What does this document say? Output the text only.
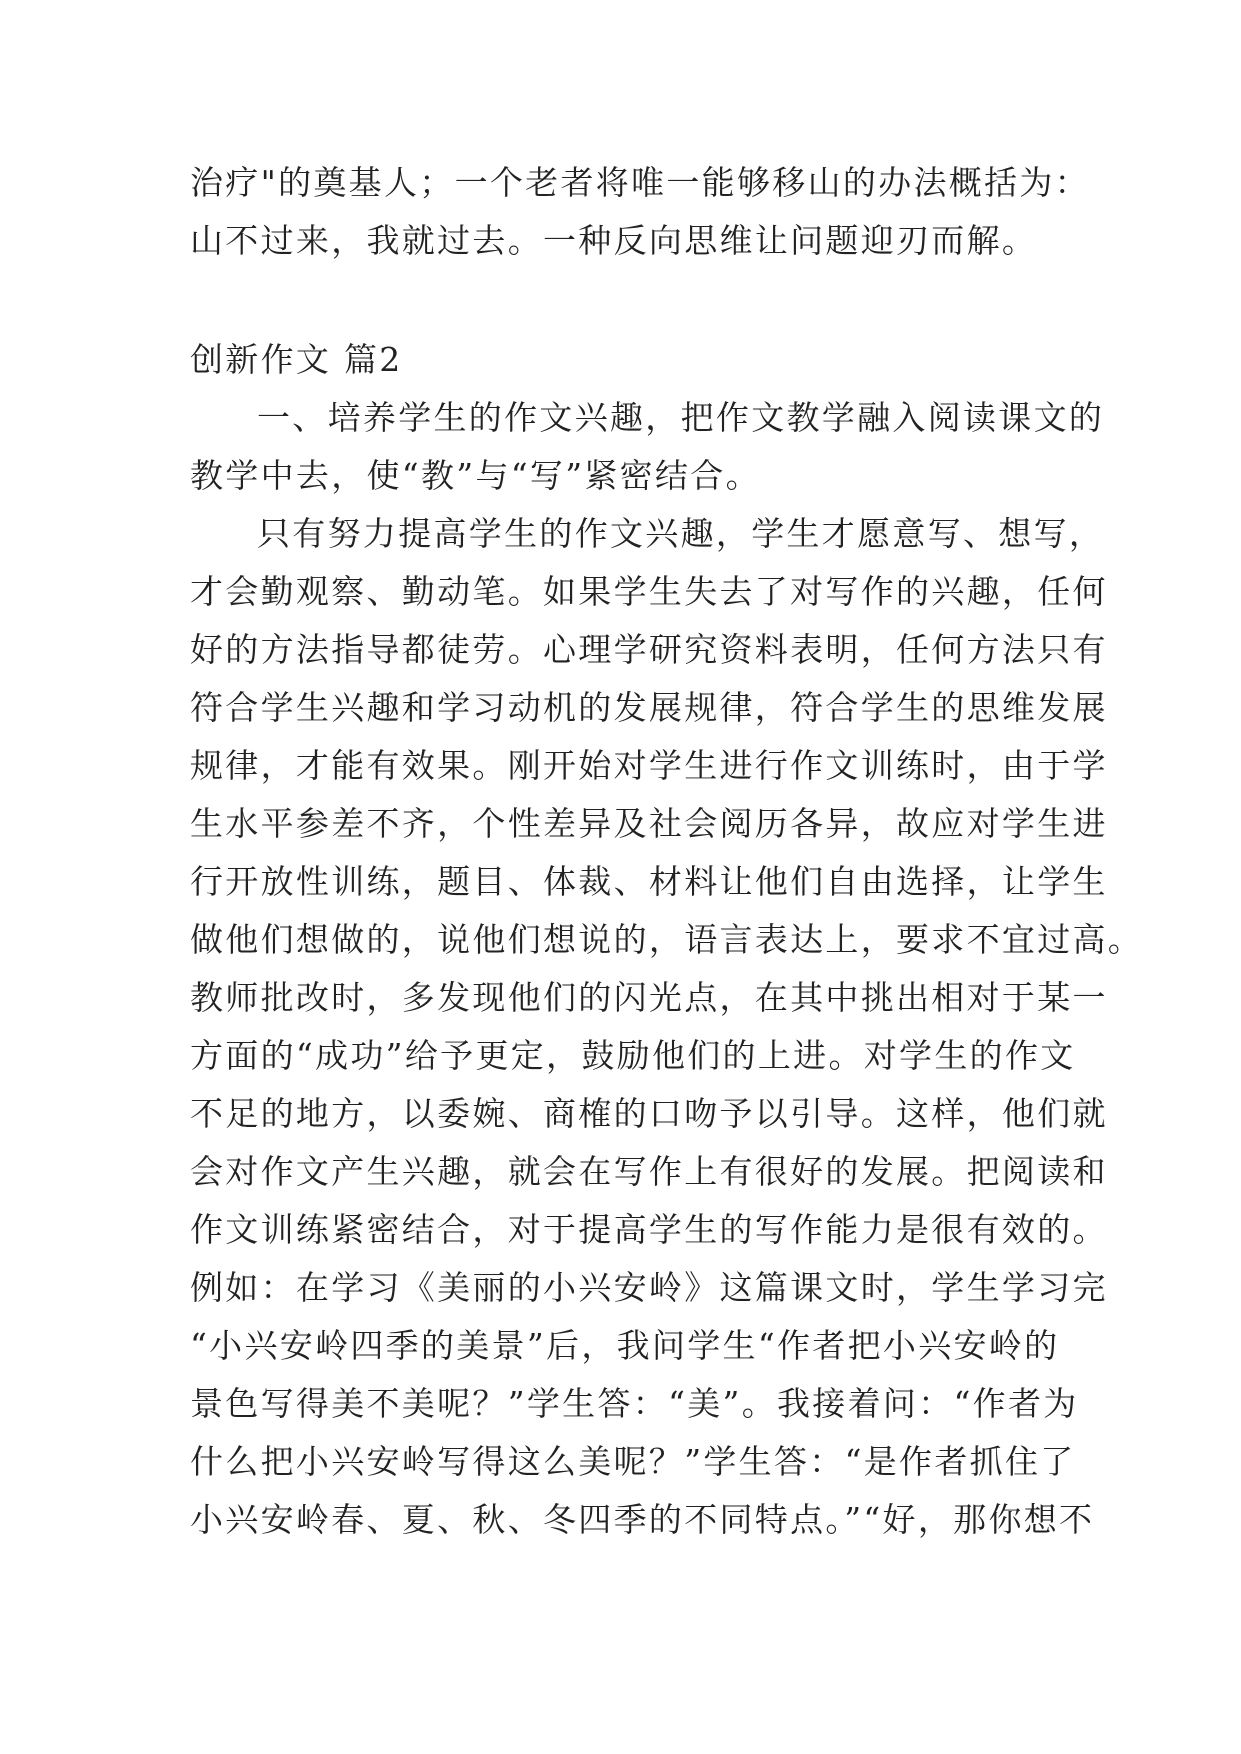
治疗"的奠基人；一个老者将唯一能够移山的办法概括为：
山不过来，我就过去。一种反向思维让问题迎刃而解。
创新作文 篇2
一、培养学生的作文兴趣，把作文教学融入阅读课文的
教学中去，使“教”与“写”紧密结合。
只有努力提高学生的作文兴趣，学生才愿意写、想写，
才会勤观察、勤动笔。如果学生失去了对写作的兴趣，任何
好的方法指导都徒劳。心理学研究资料表明，任何方法只有
符合学生兴趣和学习动机的发展规律，符合学生的思维发展
规律，才能有效果。刚开始对学生进行作文训练时，由于学
生水平参差不齐，个性差异及社会阅历各异，故应对学生进
行开放性训练，题目、体裁、材料让他们自由选择，让学生
做他们想做的，说他们想说的，语言表达上，要求不宜过高。
教师批改时，多发现他们的闪光点，在其中挑出相对于某一
方面的“成功”给予更定，鼓励他们的上进。对学生的作文
不足的地方，以委婉、商榷的口吻予以引导。这样，他们就
会对作文产生兴趣，就会在写作上有很好的发展。把阅读和
作文训练紧密结合，对于提高学生的写作能力是很有效的。
例如：在学习《美丽的小兴安岭》这篇课文时，学生学习完
“小兴安岭四季的美景”后，我问学生“作者把小兴安岭的
景色写得美不美呢？”学生答：“美”。我接着问：“作者为
什么把小兴安岭写得这么美呢？”学生答：“是作者抓住了
小兴安岭春、夏、秋、冬四季的不同特点。”“好，那你想不
